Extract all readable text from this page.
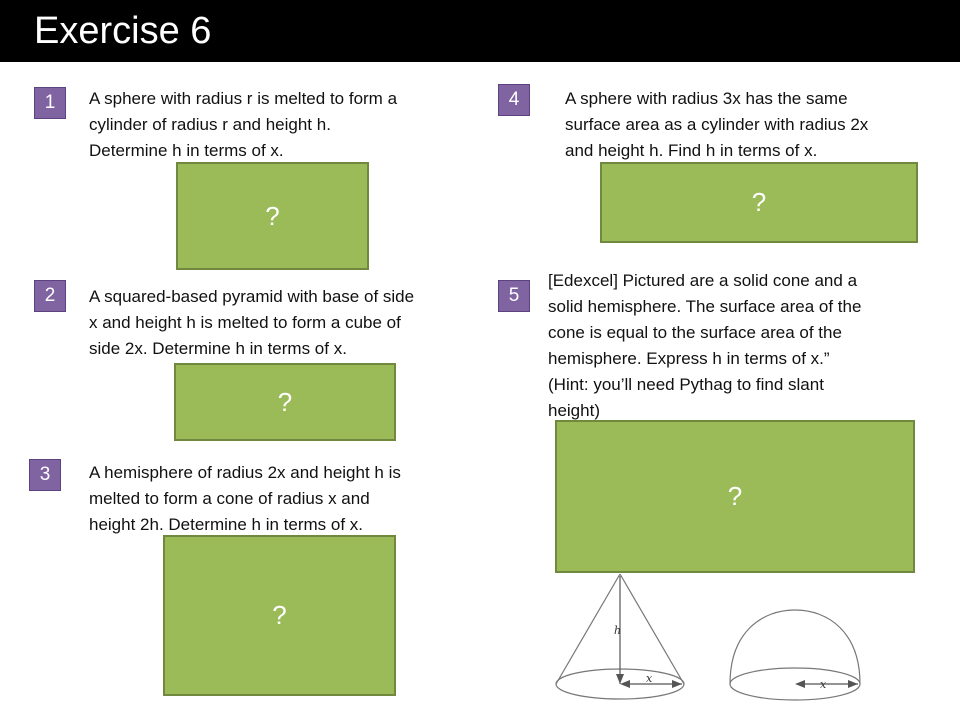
Exercise 6
1	A sphere with radius r is melted to form a
cylinder of radius r and height h.
Determine h in terms of x.
?
2	A squared-based pyramid with base of side
x and height h is melted to form a cube of
side 2x. Determine h in terms of x.
?
3	A hemisphere of radius 2x and height h is
melted to form a cone of radius x and
height 2h. Determine h in terms of x.
?
4	A sphere with radius 3x has the same
surface area as a cylinder with radius 2x
and height h. Find h in terms of x.
?
5
[Edexcel] Pictured are a solid cone and a
solid hemisphere. The surface area of the
cone is equal to the surface area of the
hemisphere. Express h in terms of x.”
(Hint: you’ll need Pythag to find slant
height)
?
h
x	x
